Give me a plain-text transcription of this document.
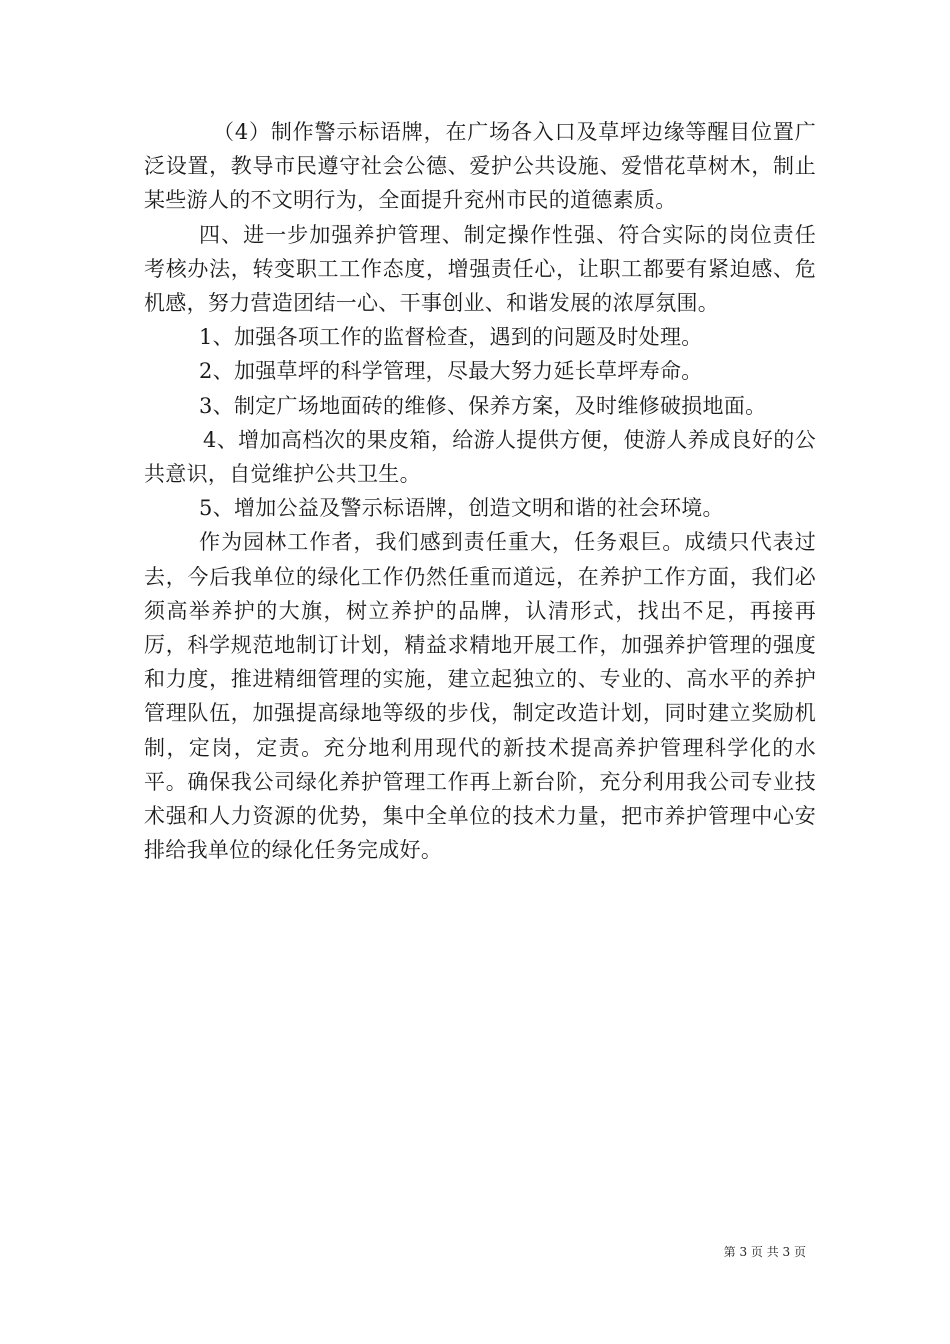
（4）制作警示标语牌，在广场各入口及草坪边缘等醒目位置广泛设置，教导市民遵守社会公德、爱护公共设施、爱惜花草树木，制止某些游人的不文明行为，全面提升兖州市民的道德素质。

四、进一步加强养护管理、制定操作性强、符合实际的岗位责任考核办法，转变职工工作态度，增强责任心，让职工都要有紧迫感、危机感，努力营造团结一心、干事创业、和谐发展的浓厚氛围。

1、加强各项工作的监督检查，遇到的问题及时处理。

2、加强草坪的科学管理，尽最大努力延长草坪寿命。

3、制定广场地面砖的维修、保养方案，及时维修破损地面。

4、增加高档次的果皮箱，给游人提供方便，使游人养成良好的公共意识，自觉维护公共卫生。

5、增加公益及警示标语牌，创造文明和谐的社会环境。

作为园林工作者，我们感到责任重大，任务艰巨。成绩只代表过去，今后我单位的绿化工作仍然任重而道远，在养护工作方面，我们必须高举养护的大旗，树立养护的品牌，认清形式，找出不足，再接再厉，科学规范地制订计划，精益求精地开展工作，加强养护管理的强度和力度，推进精细管理的实施，建立起独立的、专业的、高水平的养护管理队伍，加强提高绿地等级的步伐，制定改造计划，同时建立奖励机制，定岗，定责。充分地利用现代的新技术提高养护管理科学化的水平。确保我公司绿化养护管理工作再上新台阶，充分利用我公司专业技术强和人力资源的优势，集中全单位的技术力量，把市养护管理中心安排给我单位的绿化任务完成好。

第 3 页 共 3 页
